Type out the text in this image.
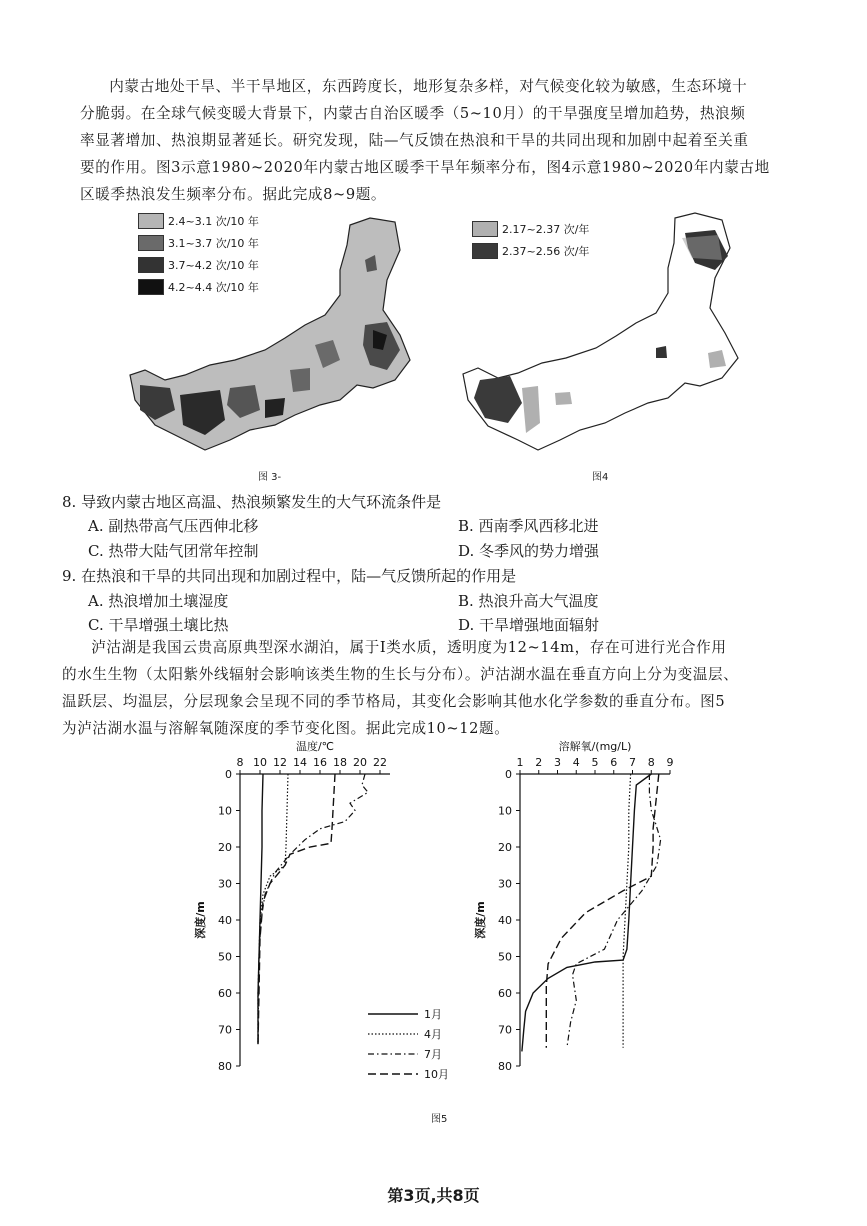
内蒙古地处干旱、半干旱地区，东西跨度长，地形复杂多样，对气候变化较为敏感，生态环境十

分脆弱。在全球气候变暖大背景下，内蒙古自治区暖季（5~10月）的干旱强度呈增加趋势，热浪频
率显著增加、热浪期显著延长。研究发现，陆—气反馈在热浪和干旱的共同出现和加剧中起着至关重
要的作用。图3示意1980~2020年内蒙古地区暖季干旱年频率分布，图4示意1980~2020年内蒙古地
区暖季热浪发生频率分布。据此完成8~9题。
2.4~3.1 次/10 年
3.1~3.7 次/10 年
3.7~4.2 次/10 年
4.2~4.4 次/10 年
图 3-
2.17~2.37 次/年
2.37~2.56 次/年
图4
8. 导致内蒙古地区高温、热浪频繁发生的大气环流条件是
A. 副热带高气压西伸北移	B. 西南季风西移北进
C. 热带大陆气团常年控制	D. 冬季风的势力增强
9. 在热浪和干旱的共同出现和加剧过程中，陆—气反馈所起的作用是
A. 热浪增加土壤湿度	B. 热浪升高大气温度
C. 干旱增强土壤比热	D. 干旱增强地面辐射

泸沽湖是我国云贵高原典型深水湖泊，属于Ⅰ类水质，透明度为12~14m，存在可进行光合作用

的水生生物（太阳紫外线辐射会影响该类生物的生长与分布）。泸沽湖水温在垂直方向上分为变温层、
温跃层、均温层，分层现象会呈现不同的季节格局，其变化会影响其他水化学参数的垂直分布。图5
为泸沽湖水温与溶解氧随深度的季节变化图。据此完成10~12题。
温度/℃
8 10 12 14 16 18 20 22
0
10
20
30
40
50
60
70
80
深度/m
溶解氧/(mg/L)
1 2 3 4 5 6 7 8 9
0
10
20
30
40
50
60
70
80
深度/m
1月
4月
7月
10月
图5
第3页,共8页
